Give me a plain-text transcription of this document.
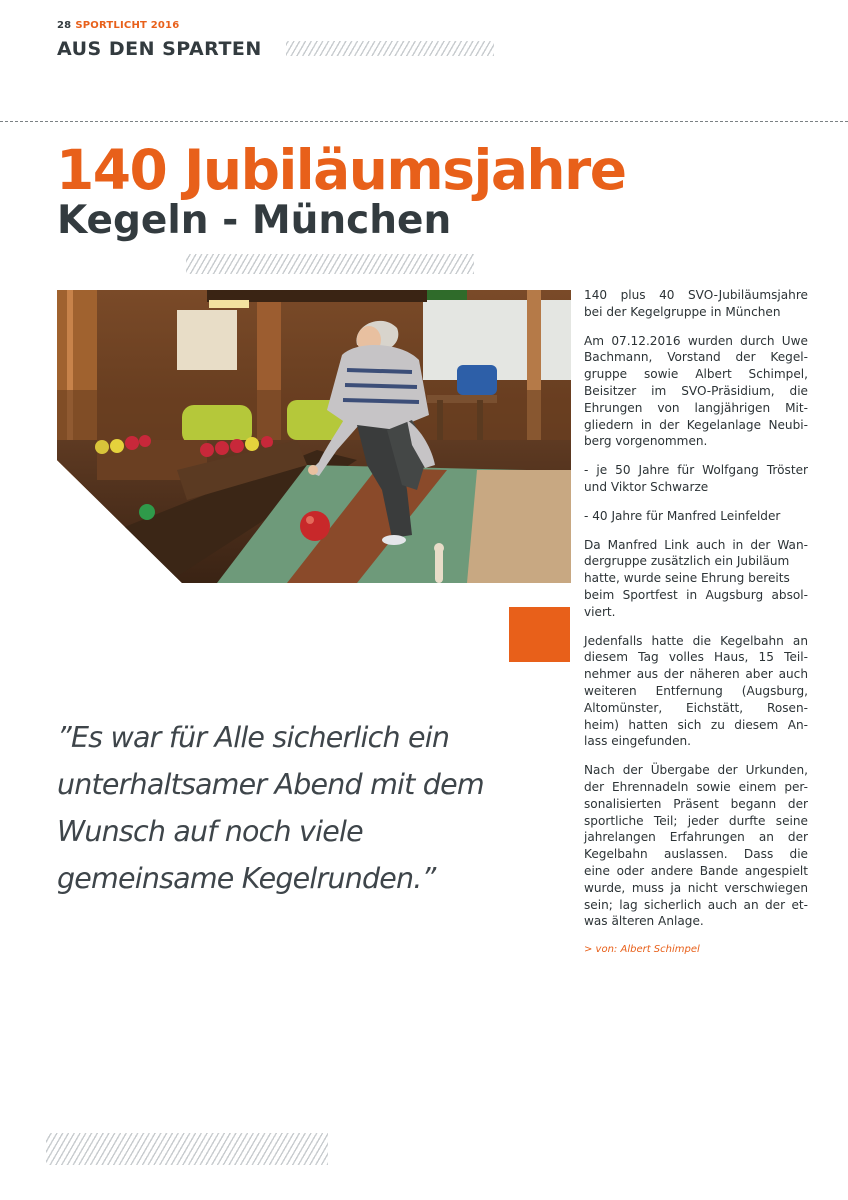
28 SPORTLICHT 2016
AUS DEN SPARTEN
140 Jubiläumsjahre
Kegeln - München
”Es war für Alle sicherlich ein
unterhaltsamer Abend mit dem
Wunsch auf noch viele
gemeinsame Kegelrunden.”

140 plus 40 SVO-Jubiläumsjahre
bei der Kegelgruppe in München

Am 07.12.2016 wurden durch Uwe
Bachmann, Vorstand der Kegel-
gruppe sowie Albert Schimpel,
Beisitzer im SVO-Präsidium, die
Ehrungen von langjährigen Mit-
gliedern in der Kegelanlage Neubi-
berg vorgenommen.

- je 50 Jahre für Wolfgang Tröster
und Viktor Schwarze

- 40 Jahre für Manfred Leinfelder

Da Manfred Link auch in der Wan-
dergruppe zusätzlich ein Jubiläum
hatte, wurde seine Ehrung bereits
beim Sportfest in Augsburg absol-
viert.

Jedenfalls hatte die Kegelbahn an
diesem Tag volles Haus, 15 Teil-
nehmer aus der näheren aber auch
weiteren Entfernung (Augsburg,
Altomünster, Eichstätt, Rosen-
heim) hatten sich zu diesem An-
lass eingefunden.

Nach der Übergabe der Urkunden,
der Ehrennadeln sowie einem per-
sonalisierten Präsent begann der
sportliche Teil; jeder durfte seine
jahrelangen Erfahrungen an der
Kegelbahn auslassen. Dass die
eine oder andere Bande angespielt
wurde, muss ja nicht verschwiegen
sein; lag sicherlich auch an der et-
was älteren Anlage.

> von: Albert Schimpel
